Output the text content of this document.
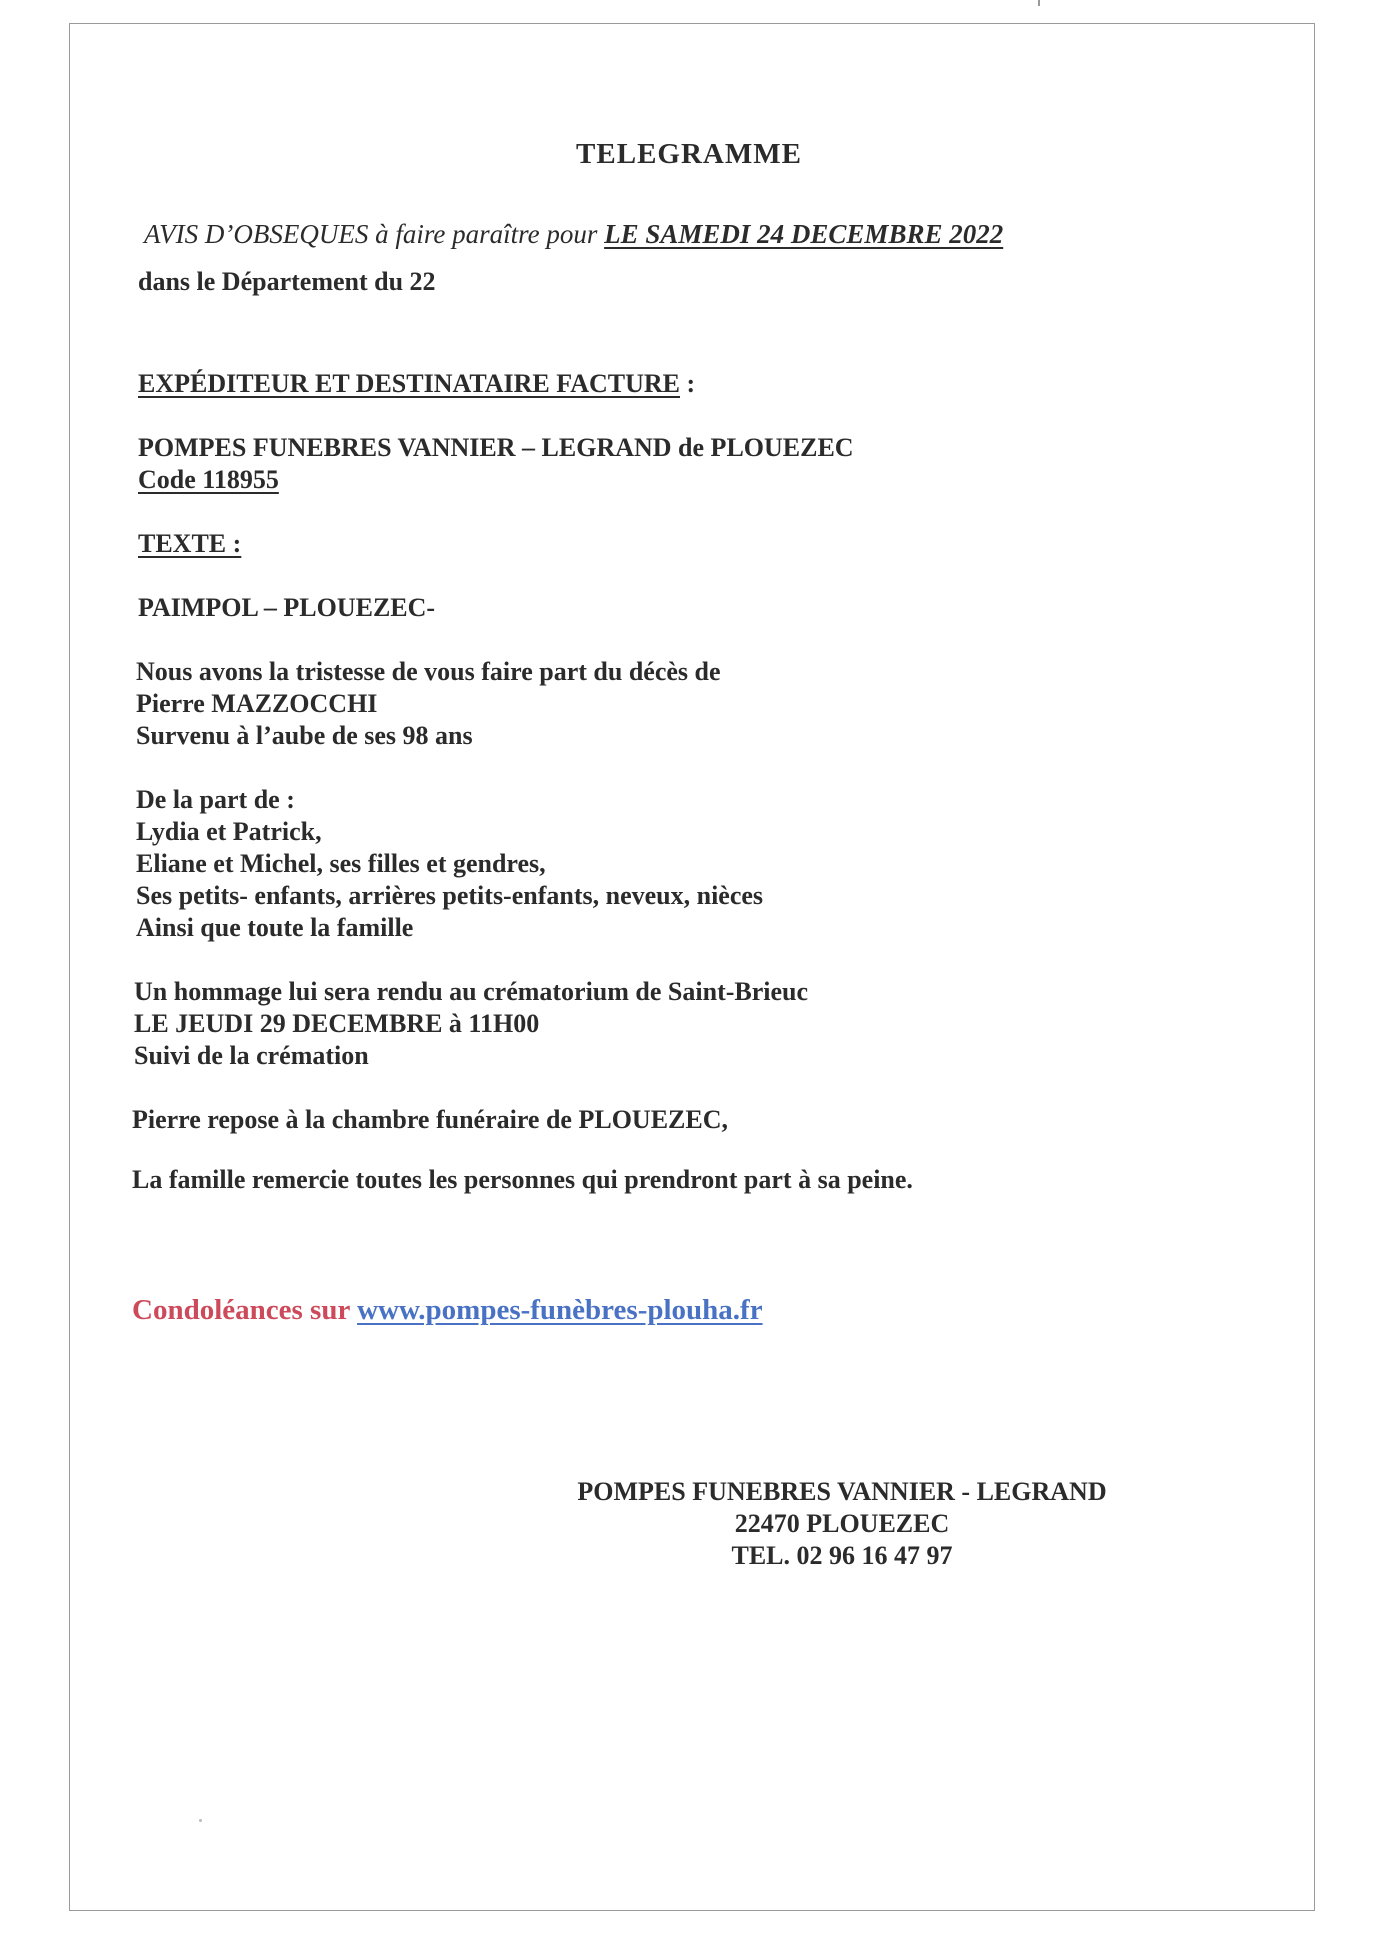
TELEGRAMME
AVIS D’OBSEQUES à faire paraître pour LE SAMEDI 24 DECEMBRE 2022
dans le Département du 22
EXPÉDITEUR ET DESTINATAIRE FACTURE :
POMPES FUNEBRES VANNIER – LEGRAND de PLOUEZEC
Code 118955
TEXTE :
PAIMPOL – PLOUEZEC-
Nous avons la tristesse de vous faire part du décès de
Pierre MAZZOCCHI
Survenu à l’aube de ses 98 ans
De la part de :
Lydia et Patrick,
Eliane et Michel, ses filles et gendres,
Ses petits- enfants, arrières petits-enfants, neveux, nièces
Ainsi que toute la famille
Un hommage lui sera rendu au crématorium de Saint-Brieuc
LE JEUDI 29 DECEMBRE à 11H00
Suivi de la crémation
Pierre repose à la chambre funéraire de PLOUEZEC,
La famille remercie toutes les personnes qui prendront part à sa peine.
Condoléances sur www.pompes-funèbres-plouha.fr
POMPES FUNEBRES VANNIER - LEGRAND
22470 PLOUEZEC
TEL. 02 96 16 47 97
